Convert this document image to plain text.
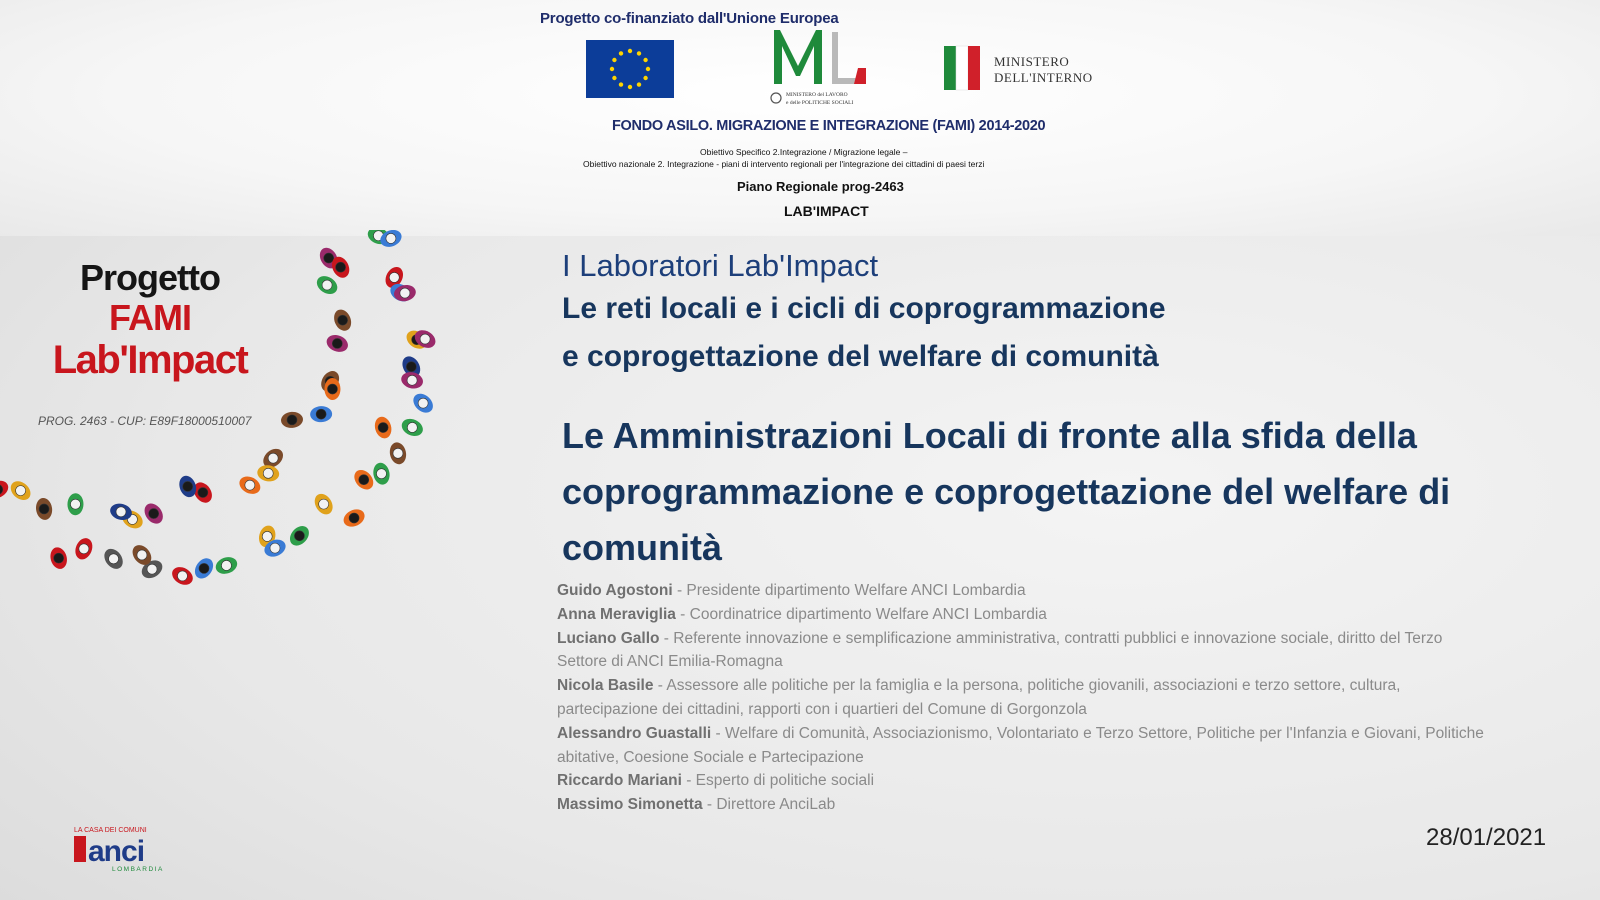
Progetto co-finanziato dall'Unione Europea
MINISTERO del LAVORO
e delle POLITICHE SOCIALI
MINISTERO
DELL'INTERNO
FONDO ASILO. MIGRAZIONE E INTEGRAZIONE (FAMI) 2014-2020
Obiettivo Specifico 2.Integrazione / Migrazione legale –
Obiettivo nazionale 2. Integrazione - piani di intervento regionali per l'integrazione dei cittadini di paesi terzi
Piano Regionale prog-2463
LAB'IMPACT
Progetto
FAMI
Lab'Impact
PROG. 2463 - CUP: E89F18000510007
I Laboratori Lab'Impact
Le reti locali e i cicli di coprogrammazione
e coprogettazione del welfare di comunità
Le Amministrazioni Locali di fronte alla sfida della coprogrammazione e coprogettazione del welfare di comunità
Guido Agostoni - Presidente dipartimento Welfare ANCI Lombardia
Anna Meraviglia - Coordinatrice dipartimento Welfare ANCI Lombardia
Luciano Gallo - Referente innovazione e semplificazione amministrativa, contratti pubblici e innovazione sociale, diritto del Terzo Settore di ANCI Emilia-Romagna
Nicola Basile - Assessore alle politiche per la famiglia e la persona, politiche giovanili, associazioni e terzo settore, cultura, partecipazione dei cittadini, rapporti con i quartieri del Comune di Gorgonzola
Alessandro Guastalli - Welfare di Comunità, Associazionismo, Volontariato e Terzo Settore, Politiche per l'Infanzia e Giovani, Politiche abitative, Coesione Sociale e Partecipazione
Riccardo Mariani - Esperto di politiche sociali
Massimo Simonetta - Direttore AnciLab
28/01/2021
LA CASA DEI COMUNI
anci
LOMBARDIA
